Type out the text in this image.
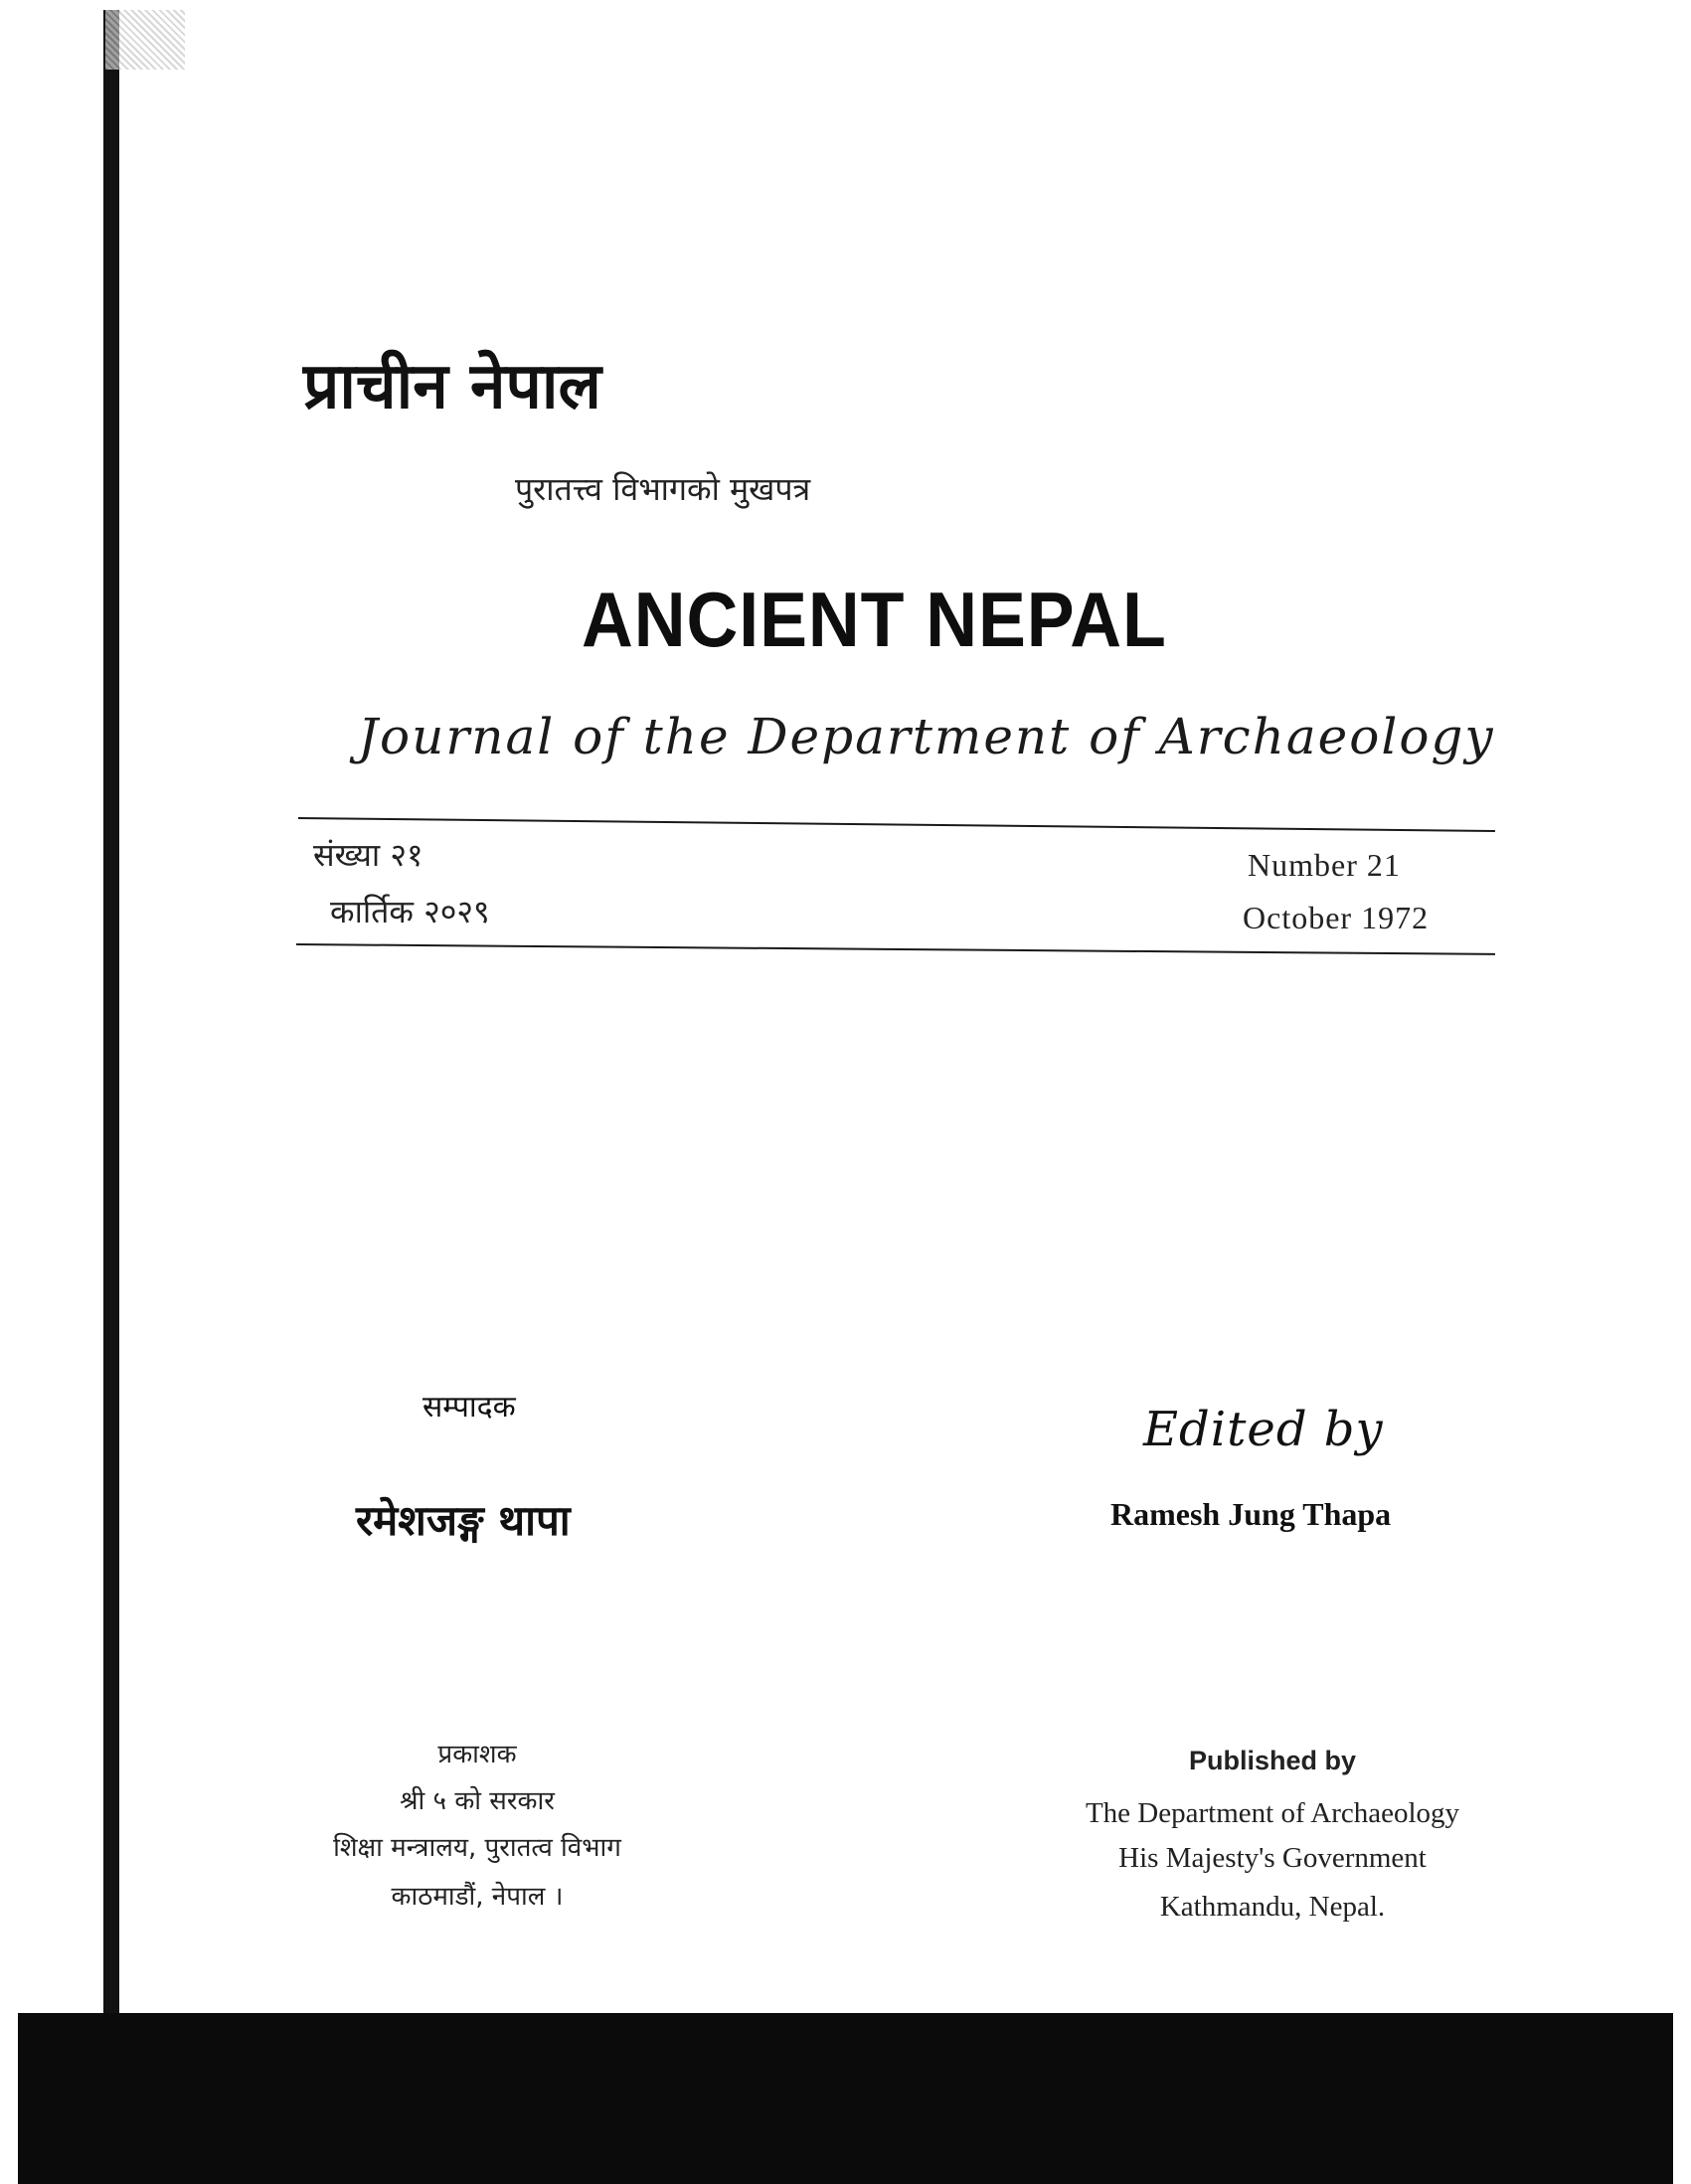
प्राचीन नेपाल
पुरातत्त्व विभागको मुखपत्र
ANCIENT NEPAL
Journal of the Department of Archaeology
संख्या २१
कार्तिक २०२९
Number 21
October 1972
सम्पादक
रमेशजङ्ग थापा
Edited by
Ramesh Jung Thapa
प्रकाशक
श्री ५ को सरकार
शिक्षा मन्त्रालय, पुरातत्व विभाग
काठमाडौं, नेपाल ।
Published by
The Department of Archaeology
His Majesty's Government
Kathmandu, Nepal.
